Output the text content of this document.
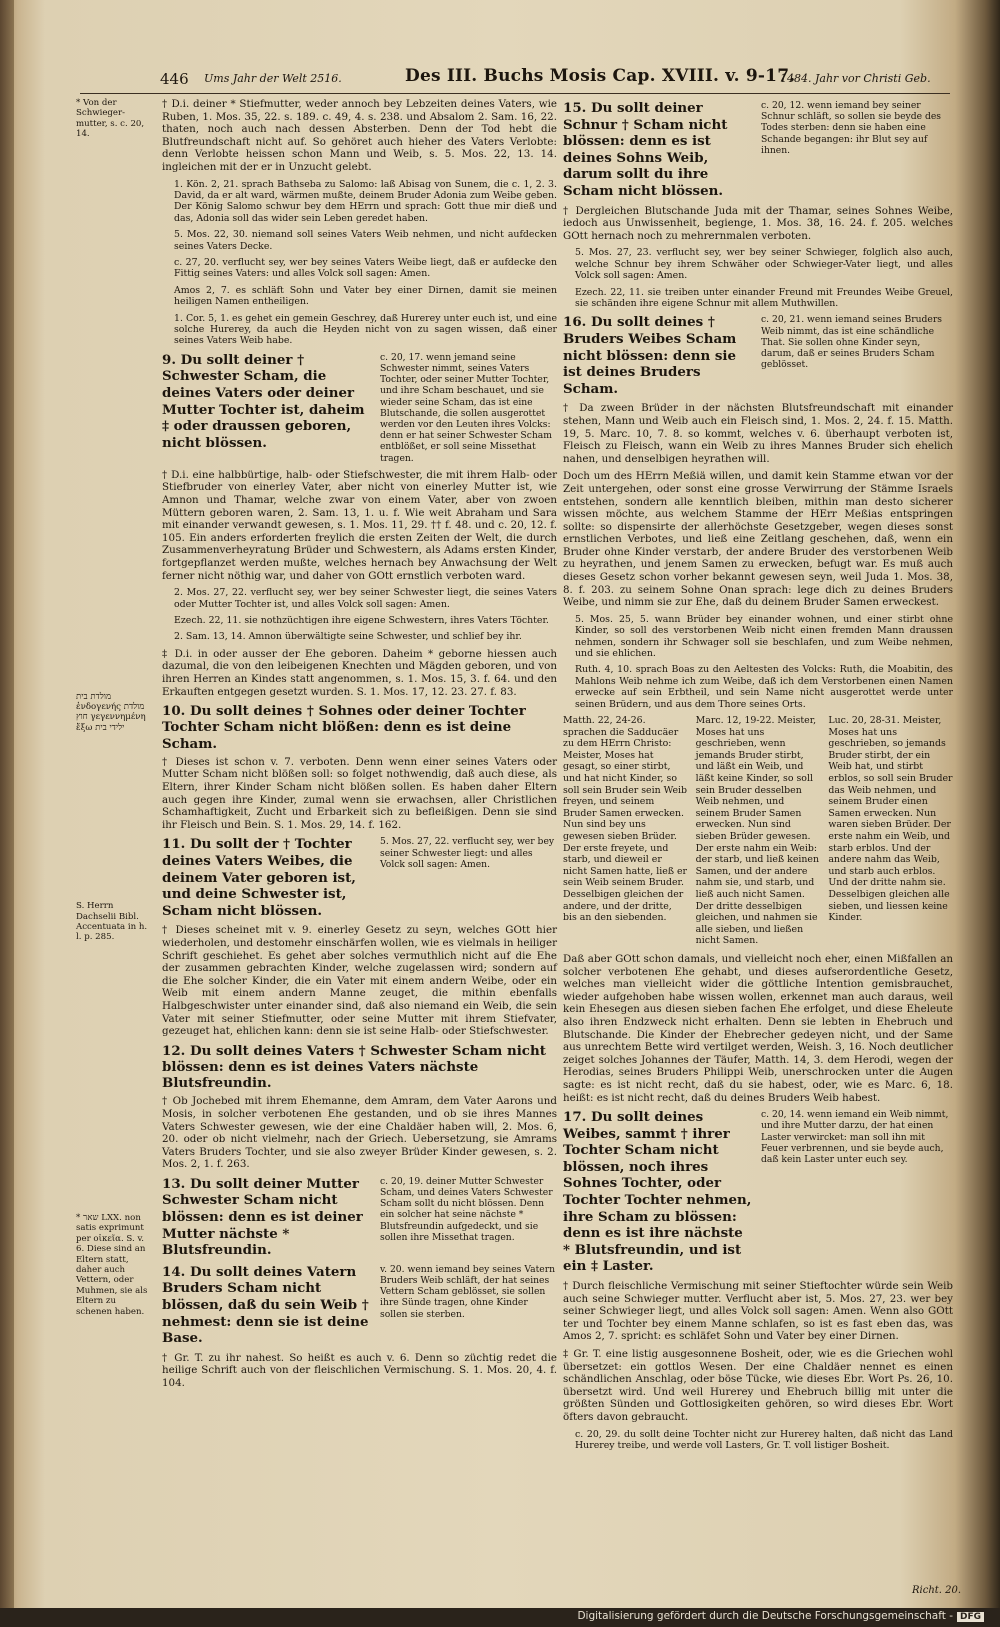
446 Ums Jahr der Welt 2516.	Des III. Buchs Mosis Cap. XVIII. v. 9-17.
1484. Jahr vor Christi Geb.
* Von der Schwieger-mutter, s. c. 20, 14.
מולדת בית ἐνδογενής מולדת חוץ γεγεννημένη ἔξω ילידי בית
S. Herrn Dachselii Bibl. Accentuata in h. l. p. 285.
* שאר LXX. non satis exprimunt per οἰκεῖα. S. v. 6. Diese sind an Eltern statt, daher auch Vettern, oder Muhmen, sie als Eltern zu schenen haben.
† D.i. deiner * Stiefmutter, weder annoch bey Lebzeiten deines Vaters, wie Ruben, 1. Mos. 35, 22. s. 189. c. 49, 4. s. 238. und Absalom 2. Sam. 16, 22. thaten, noch auch nach dessen Absterben. Denn der Tod hebt die Blutfreundschaft nicht auf. So gehöret auch hieher des Vaters Verlobte: denn Verlobte heissen schon Mann und Weib, s. 5. Mos. 22, 13. 14. ingleichen mit der er in Unzucht gelebt.
1. Kön. 2, 21. sprach Bathseba zu Salomo: laß Abisag von Sunem, die c. 1, 2. 3. David, da er alt ward, wärmen mußte, deinem Bruder Adonia zum Weibe geben. Der König Salomo schwur bey dem HErrn und sprach: Gott thue mir dieß und das, Adonia soll das wider sein Leben geredet haben.
5. Mos. 22, 30. niemand soll seines Vaters Weib nehmen, und nicht aufdecken seines Vaters Decke.
c. 27, 20. verflucht sey, wer bey seines Vaters Weibe liegt, daß er aufdecke den Fittig seines Vaters: und alles Volck soll sagen: Amen.
Amos 2, 7. es schläft Sohn und Vater bey einer Dirnen, damit sie meinen heiligen Namen entheiligen.
1. Cor. 5, 1. es gehet ein gemein Geschrey, daß Hurerey unter euch ist, und eine solche Hurerey, da auch die Heyden nicht von zu sagen wissen, daß einer seines Vaters Weib habe.
9. Du sollt deiner † Schwester Scham, die deines Vaters oder deiner Mutter Tochter ist, daheim ‡ oder draussen geboren, nicht blössen.
c. 20, 17. wenn jemand seine Schwester nimmt, seines Vaters Tochter, oder seiner Mutter Tochter, und ihre Scham beschauet, und sie wieder seine Scham, das ist eine Blutschande, die sollen ausgerottet werden vor den Leuten ihres Volcks: denn er hat seiner Schwester Scham entblößet, er soll seine Missethat tragen.
† D.i. eine halbbürtige, halb- oder Stiefschwester, die mit ihrem Halb- oder Stiefbruder von einerley Vater, aber nicht von einerley Mutter ist, wie Amnon und Thamar, welche zwar von einem Vater, aber von zwoen Müttern geboren waren, 2. Sam. 13, 1. u. f. Wie weit Abraham und Sara mit einander verwandt gewesen, s. 1. Mos. 11, 29. †† f. 48. und c. 20, 12. f. 105. Ein anders erforderten freylich die ersten Zeiten der Welt, die durch Zusammenverheyratung Brüder und Schwestern, als Adams ersten Kinder, fortgepflanzet werden mußte, welches hernach bey Anwachsung der Welt ferner nicht nöthig war, und daher von GOtt ernstlich verboten ward.
2. Mos. 27, 22. verflucht sey, wer bey seiner Schwester liegt, die seines Vaters oder Mutter Tochter ist, und alles Volck soll sagen: Amen.
Ezech. 22, 11. sie nothzüchtigen ihre eigene Schwestern, ihres Vaters Töchter.
2. Sam. 13, 14. Amnon überwältigte seine Schwester, und schlief bey ihr.
‡ D.i. in oder ausser der Ehe geboren. Daheim * geborne hiessen auch dazumal, die von den leibeigenen Knechten und Mägden geboren, und von ihren Herren an Kindes statt angenommen, s. 1. Mos. 15, 3. f. 64. und den Erkauften entgegen gesetzt wurden. S. 1. Mos. 17, 12. 23. 27. f. 83.
10. Du sollt deines † Sohnes oder deiner Tochter Tochter Scham nicht blößen: denn es ist deine Scham.
† Dieses ist schon v. 7. verboten. Denn wenn einer seines Vaters oder Mutter Scham nicht blößen soll: so folget nothwendig, daß auch diese, als Eltern, ihrer Kinder Scham nicht blößen sollen. Es haben daher Eltern auch gegen ihre Kinder, zumal wenn sie erwachsen, aller Christlichen Schamhaftigkeit, Zucht und Erbarkeit sich zu befleißigen. Denn sie sind ihr Fleisch und Bein. S. 1. Mos. 29, 14. f. 162.
11. Du sollt der † Tochter deines Vaters Weibes, die deinem Vater geboren ist, und deine Schwester ist, Scham nicht blössen.
5. Mos. 27, 22. verflucht sey, wer bey seiner Schwester liegt: und alles Volck soll sagen: Amen.
† Dieses scheinet mit v. 9. einerley Gesetz zu seyn, welches GOtt hier wiederholen, und destomehr einschärfen wollen, wie es vielmals in heiliger Schrift geschiehet. Es gehet aber solches vermuthlich nicht auf die Ehe der zusammen gebrachten Kinder, welche zugelassen wird; sondern auf die Ehe solcher Kinder, die ein Vater mit einem andern Weibe, oder ein Weib mit einem andern Manne zeuget, die mithin ebenfalls Halbgeschwister unter einander sind, daß also niemand ein Weib, die sein Vater mit seiner Stiefmutter, oder seine Mutter mit ihrem Stiefvater, gezeuget hat, ehlichen kann: denn sie ist seine Halb- oder Stiefschwester.
12. Du sollt deines Vaters † Schwester Scham nicht blössen: denn es ist deines Vaters nächste Blutsfreundin.
† Ob Jochebed mit ihrem Ehemanne, dem Amram, dem Vater Aarons und Mosis, in solcher verbotenen Ehe gestanden, und ob sie ihres Mannes Vaters Schwester gewesen, wie der eine Chaldäer haben will, 2. Mos. 6, 20. oder ob nicht vielmehr, nach der Griech. Uebersetzung, sie Amrams Vaters Bruders Tochter, und sie also zweyer Brüder Kinder gewesen, s. 2. Mos. 2, 1. f. 263.
13. Du sollt deiner Mutter Schwester Scham nicht blössen: denn es ist deiner Mutter nächste * Blutsfreundin.
c. 20, 19. deiner Mutter Schwester Scham, und deines Vaters Schwester Scham sollt du nicht blössen. Denn ein solcher hat seine nächste * Blutsfreundin aufgedeckt, und sie sollen ihre Missethat tragen.
14. Du sollt deines Vatern Bruders Scham nicht blössen, daß du sein Weib † nehmest: denn sie ist deine Base.
v. 20. wenn iemand bey seines Vatern Bruders Weib schläft, der hat seines Vettern Scham geblösset, sie sollen ihre Sünde tragen, ohne Kinder sollen sie sterben.
† Gr. T. zu ihr nahest. So heißt es auch v. 6. Denn so züchtig redet die heilige Schrift auch von der fleischlichen Vermischung. S. 1. Mos. 20, 4. f. 104.
15. Du sollt deiner Schnur † Scham nicht blössen: denn es ist deines Sohns Weib, darum sollt du ihre Scham nicht blössen.
c. 20, 12. wenn iemand bey seiner Schnur schläft, so sollen sie beyde des Todes sterben: denn sie haben eine Schande begangen: ihr Blut sey auf ihnen.
† Dergleichen Blutschande Juda mit der Thamar, seines Sohnes Weibe, iedoch aus Unwissenheit, begienge, 1. Mos. 38, 16. 24. f. 205. welches GOtt hernach noch zu mehrernmalen verboten.
5. Mos. 27, 23. verflucht sey, wer bey seiner Schwieger, folglich also auch, welche Schnur bey ihrem Schwäher oder Schwieger-Vater liegt, und alles Volck soll sagen: Amen.
Ezech. 22, 11. sie treiben unter einander Freund mit Freundes Weibe Greuel, sie schänden ihre eigene Schnur mit allem Muthwillen.
16. Du sollt deines † Bruders Weibes Scham nicht blössen: denn sie ist deines Bruders Scham.
c. 20, 21. wenn iemand seines Bruders Weib nimmt, das ist eine schändliche That. Sie sollen ohne Kinder seyn, darum, daß er seines Bruders Scham geblösset.
† Da zween Brüder in der nächsten Blutsfreundschaft mit einander stehen, Mann und Weib auch ein Fleisch sind, 1. Mos. 2, 24. f. 15. Matth. 19, 5. Marc. 10, 7. 8. so kommt, welches v. 6. überhaupt verboten ist, Fleisch zu Fleisch, wann ein Weib zu ihres Mannes Bruder sich ehelich nahen, und denselbigen heyrathen will.
Doch um des HErrn Meßiä willen, und damit kein Stamme etwan vor der Zeit untergehen, oder sonst eine grosse Verwirrung der Stämme Israels entstehen, sondern alle kenntlich bleiben, mithin man desto sicherer wissen möchte, aus welchem Stamme der HErr Meßias entspringen sollte: so dispensirte der allerhöchste Gesetzgeber, wegen dieses sonst ernstlichen Verbotes, und ließ eine Zeitlang geschehen, daß, wenn ein Bruder ohne Kinder verstarb, der andere Bruder des verstorbenen Weib zu heyrathen, und jenem Samen zu erwecken, befugt war. Es muß auch dieses Gesetz schon vorher bekannt gewesen seyn, weil Juda 1. Mos. 38, 8. f. 203. zu seinem Sohne Onan sprach: lege dich zu deines Bruders Weibe, und nimm sie zur Ehe, daß du deinem Bruder Samen erweckest.
5. Mos. 25, 5. wann Brüder bey einander wohnen, und einer stirbt ohne Kinder, so soll des verstorbenen Weib nicht einen fremden Mann draussen nehmen, sondern ihr Schwager soll sie beschlafen, und zum Weibe nehmen, und sie ehlichen.
Ruth. 4, 10. sprach Boas zu den Aeltesten des Volcks: Ruth, die Moabitin, des Mahlons Weib nehme ich zum Weibe, daß ich dem Verstorbenen einen Namen erwecke auf sein Erbtheil, und sein Name nicht ausgerottet werde unter seinen Brüdern, und aus dem Thore seines Orts.
Matth. 22, 24-26. sprachen die Sadducäer zu dem HErrn Christo: Meister, Moses hat gesagt, so einer stirbt, und hat nicht Kinder, so soll sein Bruder sein Weib freyen, und seinem Bruder Samen erwecken. Nun sind bey uns gewesen sieben Brüder. Der erste freyete, und starb, und dieweil er nicht Samen hatte, ließ er sein Weib seinem Bruder. Desselbigen gleichen der andere, und der dritte, bis an den siebenden.
Marc. 12, 19-22. Meister, Moses hat uns geschrieben, wenn jemands Bruder stirbt, und läßt ein Weib, und läßt keine Kinder, so soll sein Bruder desselben Weib nehmen, und seinem Bruder Samen erwecken. Nun sind sieben Brüder gewesen. Der erste nahm ein Weib: der starb, und ließ keinen Samen, und der andere nahm sie, und starb, und ließ auch nicht Samen. Der dritte desselbigen gleichen, und nahmen sie alle sieben, und ließen nicht Samen.
Luc. 20, 28-31. Meister, Moses hat uns geschrieben, so jemands Bruder stirbt, der ein Weib hat, und stirbt erblos, so soll sein Bruder das Weib nehmen, und seinem Bruder einen Samen erwecken. Nun waren sieben Brüder. Der erste nahm ein Weib, und starb erblos. Und der andere nahm das Weib, und starb auch erblos. Und der dritte nahm sie. Desselbigen gleichen alle sieben, und liessen keine Kinder.
Daß aber GOtt schon damals, und vielleicht noch eher, einen Mißfallen an solcher verbotenen Ehe gehabt, und dieses aufserordentliche Gesetz, welches man vielleicht wider die göttliche Intention gemisbrauchet, wieder aufgehoben habe wissen wollen, erkennet man auch daraus, weil kein Ehesegen aus diesen sieben fachen Ehe erfolget, und diese Eheleute also ihren Endzweck nicht erhalten. Denn sie lebten in Ehebruch und Blutschande. Die Kinder der Ehebrecher gedeyen nicht, und der Same aus unrechtem Bette wird vertilget werden, Weish. 3, 16. Noch deutlicher zeiget solches Johannes der Täufer, Matth. 14, 3. dem Herodi, wegen der Herodias, seines Bruders Philippi Weib, unerschrocken unter die Augen sagte: es ist nicht recht, daß du sie habest, oder, wie es Marc. 6, 18. heißt: es ist nicht recht, daß du deines Bruders Weib habest.
17. Du sollt deines Weibes, sammt † ihrer Tochter Scham nicht blössen, noch ihres Sohnes Tochter, oder Tochter Tochter nehmen, ihre Scham zu blössen: denn es ist ihre nächste * Blutsfreundin, und ist ein ‡ Laster.
c. 20, 14. wenn iemand ein Weib nimmt, und ihre Mutter darzu, der hat einen Laster verwircket: man soll ihn mit Feuer verbrennen, und sie beyde auch, daß kein Laster unter euch sey.
† Durch fleischliche Vermischung mit seiner Stieftochter würde sein Weib auch seine Schwieger mutter. Verflucht aber ist, 5. Mos. 27, 23. wer bey seiner Schwieger liegt, und alles Volck soll sagen: Amen. Wenn also GOtt ter und Tochter bey einem Manne schlafen, so ist es fast eben das, was Amos 2, 7. spricht: es schläfet Sohn und Vater bey einer Dirnen.
‡ Gr. T. eine listig ausgesonnene Bosheit, oder, wie es die Griechen wohl übersetzet: ein gottlos Wesen. Der eine Chaldäer nennet es einen schändlichen Anschlag, oder böse Tücke, wie dieses Ebr. Wort Ps. 26, 10. übersetzt wird. Und weil Hurerey und Ehebruch billig mit unter die größten Sünden und Gottlosigkeiten gehören, so wird dieses Ebr. Wort öfters davon gebraucht.
c. 20, 29. du sollt deine Tochter nicht zur Hurerey halten, daß nicht das Land Hurerey treibe, und werde voll Lasters, Gr. T. voll listiger Bosheit.
Richt. 20.
Digitalisierung gefördert durch die Deutsche Forschungsgemeinschaft - DFG
